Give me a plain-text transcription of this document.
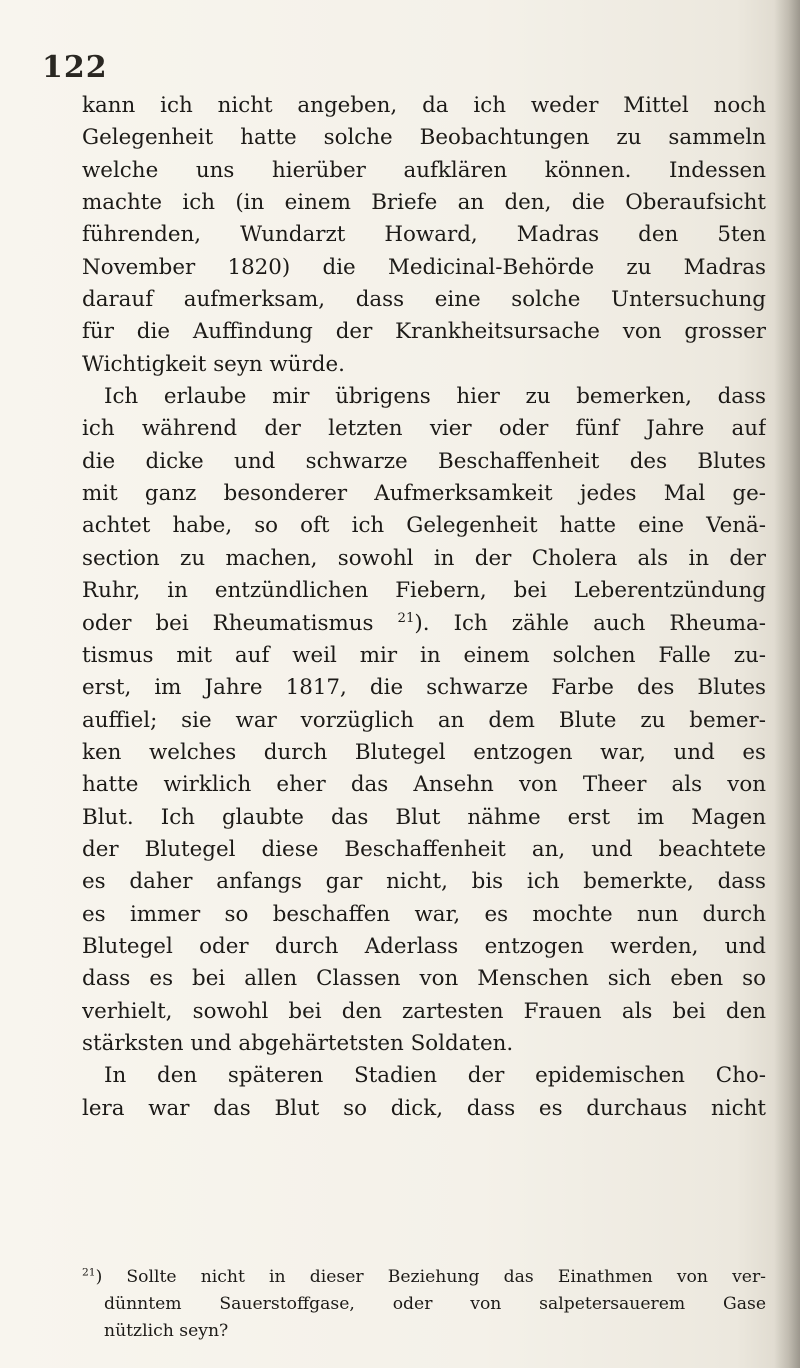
122
kann ich nicht angeben, da ich weder Mittel noch
Gelegenheit hatte solche Beobachtungen zu sammeln
welche uns hierüber aufklären können. Indessen
machte ich (in einem Briefe an den, die Oberaufsicht
führenden, Wundarzt Howard, Madras den 5ten
November 1820) die Medicinal-Behörde zu Madras
darauf aufmerksam, dass eine solche Untersuchung
für die Auffindung der Krankheitsursache von grosser
Wichtigkeit seyn würde.
Ich erlaube mir übrigens hier zu bemerken, dass
ich während der letzten vier oder fünf Jahre auf
die dicke und schwarze Beschaffenheit des Blutes
mit ganz besonderer Aufmerksamkeit jedes Mal ge-
achtet habe, so oft ich Gelegenheit hatte eine Venä-
section zu machen, sowohl in der Cholera als in der
Ruhr, in entzündlichen Fiebern, bei Leberentzündung
oder bei Rheumatismus $^{21}$). Ich zähle auch Rheuma-
tismus mit auf weil mir in einem solchen Falle zu-
erst, im Jahre 1817, die schwarze Farbe des Blutes
auffiel; sie war vorzüglich an dem Blute zu bemer-
ken welches durch Blutegel entzogen war, und es
hatte wirklich eher das Ansehn von Theer als von
Blut. Ich glaubte das Blut nähme erst im Magen
der Blutegel diese Beschaffenheit an, und beachtete
es daher anfangs gar nicht, bis ich bemerkte, dass
es immer so beschaffen war, es mochte nun durch
Blutegel oder durch Aderlass entzogen werden, und
dass es bei allen Classen von Menschen sich eben so
verhielt, sowohl bei den zartesten Frauen als bei den
stärksten und abgehärtetsten Soldaten.
In den späteren Stadien der epidemischen Cho-
lera war das Blut so dick, dass es durchaus nicht
$^{21}$) Sollte nicht in dieser Beziehung das Einathmen von ver-
dünntem Sauerstoffgase, oder von salpetersauerem Gase
nützlich seyn?
